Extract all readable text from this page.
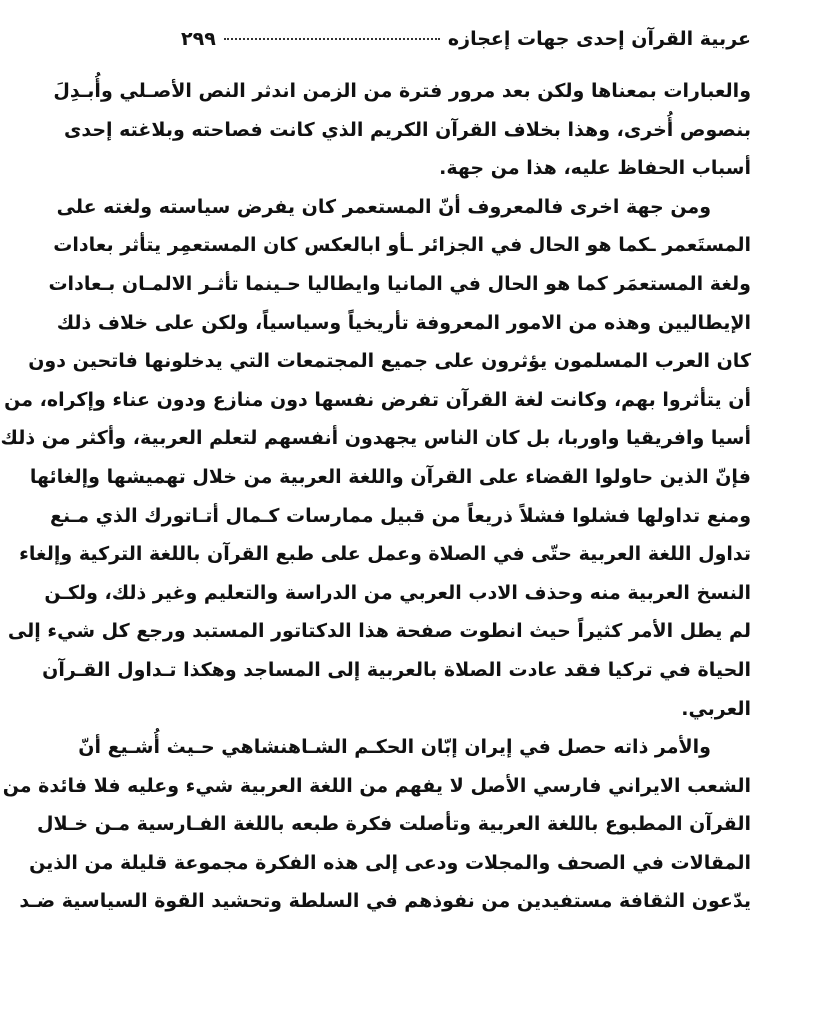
عربية القرآن إحدى جهات إعجازه
٢٩٩
والعبارات بمعناها ولكن بعد مرور فترة من الزمن اندثر النص الأصـلي وأُبـدِلَ
بنصوص أُخرى، وهذا بخلاف القرآن الكريم الذي كانت فصاحته وبلاغته إحدى
أسباب الحفاظ عليه، هذا من جهة.
ومن جهة اخرى فالمعروف أنّ المستعمر كان يفرض سياسته ولغته على
المستَعمر ـكما هو الحال في الجزائر ـأو ابالعكس كان المستعمِر يتأثر بعادات
ولغة المستعمَر كما هو الحال في المانيا وايطاليا حـينما تأثـر الالمـان بـعادات
الإيطاليين وهذه من الامور المعروفة تأريخياً وسياسياً، ولكن على خلاف ذلك
كان العرب المسلمون يؤثرون على جميع المجتمعات التي يدخلونها فاتحين دون
أن يتأثروا بهم، وكانت لغة القرآن تفرض نفسها دون منازع ودون عناء وإكراه، من
أسيا وافريقيا واوربا، بل كان الناس يجهدون أنفسهم لتعلم العربية، وأكثر من ذلك
فإنّ الذين حاولوا القضاء على القرآن واللغة العربية من خلال تهميشها وإلغائها
ومنع تداولها فشلوا فشلاً ذريعاً من قبيل ممارسات كـمال أتـاتورك الذي مـنع
تداول اللغة العربية حتّى في الصلاة وعمل على طبع القرآن باللغة التركية وإلغاء
النسخ العربية منه وحذف الادب العربي من الدراسة والتعليم وغير ذلك، ولكـن
لم يطل الأمر كثيراً حيث انطوت صفحة هذا الدكتاتور المستبد ورجع كل شيء إلى
الحياة في تركيا فقد عادت الصلاة بالعربية إلى المساجد وهكذا تـداول القـرآن
العربي.
والأمر ذاته حصل في إيران إبّان الحكـم الشـاهنشاهي حـيث أُشـيع أنّ
الشعب الايراني فارسي الأصل لا يفهم من اللغة العربية شيء وعليه فلا فائدة من
القرآن المطبوع باللغة العربية وتأصلت فكرة طبعه باللغة الفـارسية مـن خـلال
المقالات في الصحف والمجلات ودعى إلى هذه الفكرة مجموعة قليلة من الذين
يدّعون الثقافة مستفيدين من نفوذهم في السلطة وتحشيد القوة السياسية ضـد
